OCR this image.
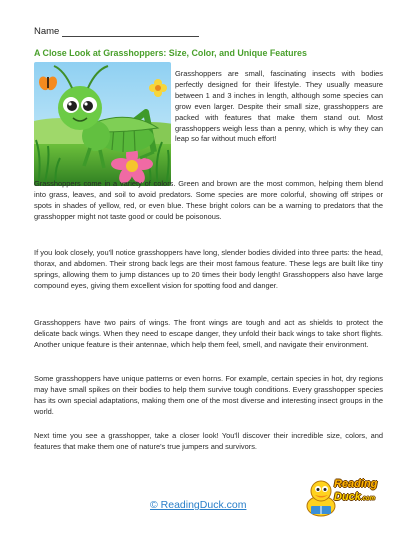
Name
A Close Look at Grasshoppers: Size, Color, and Unique Features

Grasshoppers are small, fascinating insects with bodies perfectly designed for their lifestyle. They usually measure between 1 and 3 inches in length, although some species can grow even larger. Despite their small size, grasshoppers are packed with features that make them stand out. Most grasshoppers weigh less than a penny, which is why they can leap so far without much effort!

Grasshoppers come in a variety of colors. Green and brown are the most common, helping them blend into grass, leaves, and soil to avoid predators. Some species are more colorful, showing off stripes or spots in shades of yellow, red, or even blue. These bright colors can be a warning to predators that the grasshopper might not taste good or could be poisonous.

If you look closely, you'll notice grasshoppers have long, slender bodies divided into three parts: the head, thorax, and abdomen. Their strong back legs are their most famous feature. These legs are built like tiny springs, allowing them to jump distances up to 20 times their body length! Grasshoppers also have large compound eyes, giving them excellent vision for spotting food and danger.

Grasshoppers have two pairs of wings. The front wings are tough and act as shields to protect the delicate back wings. When they need to escape danger, they unfold their back wings to take short flights. Another unique feature is their antennae, which help them feel, smell, and navigate their environment.

Some grasshoppers have unique patterns or even horns. For example, certain species in hot, dry regions may have small spikes on their bodies to help them survive tough conditions. Every grasshopper species has its own special adaptations, making them one of the most diverse and interesting insect groups in the world.

Next time you see a grasshopper, take a closer look! You'll discover their incredible size, colors, and features that make them one of nature's true jumpers and survivors.

© ReadingDuck.com
Reading
Duck.com
